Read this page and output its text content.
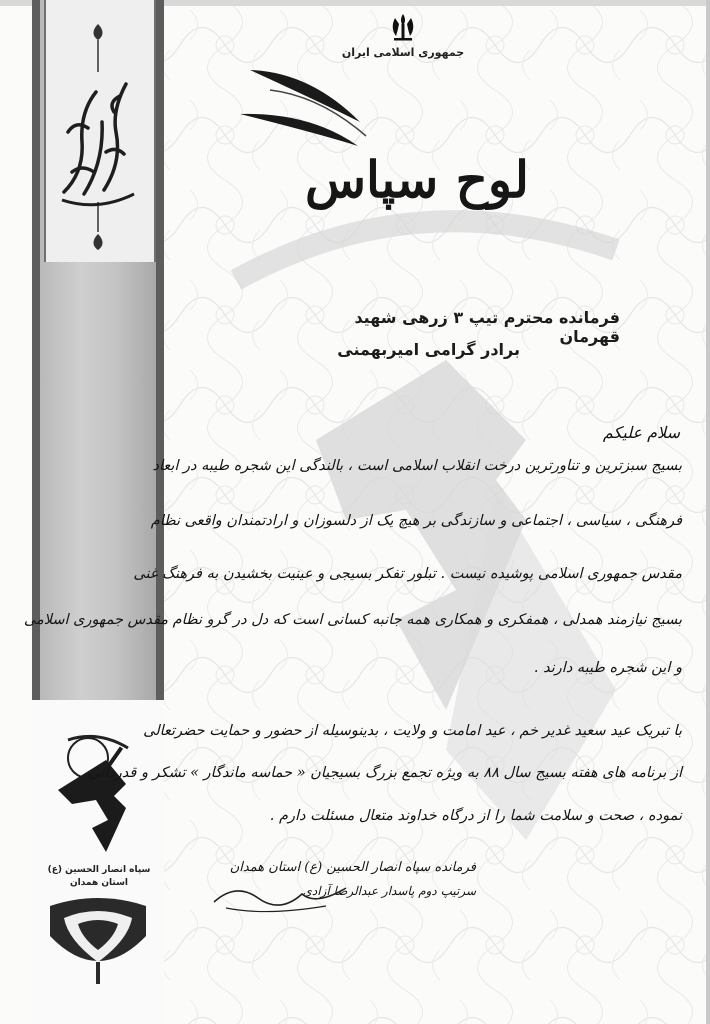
سپاه انصار الحسین (ع)
استان همدان
جمهوری اسلامی ایران
لوح سپاس
فرمانده محترم تیپ ۳ زرهی شهید قهرمان
برادر گرامی امیربهمنی
سلام علیکم
بسیج سبزترین و تناورترین درخت انقلاب اسلامی است ، بالندگی این شجره طیبه در ابعاد
فرهنگی ، سیاسی ، اجتماعی و سازندگی بر هیچ یک از دلسوزان و ارادتمندان واقعی نظام
مقدس جمهوری اسلامی پوشیده نیست . تبلور تفکر بسیجی و عینیت بخشیدن به فرهنگ غنی
بسیج نیازمند همدلی ، همفکری و همکاری همه جانبه کسانی است که دل در گرو نظام مقدس جمهوری اسلامی
و این شجره طیبه دارند .
با تبریک عید سعید غدیر خم ، عید امامت و ولایت ، بدینوسیله از حضور و حمایت حضرتعالی
از برنامه های هفته بسیج سال ۸۸ به ویژه تجمع بزرگ بسیجیان « حماسه ماندگار » تشکر و قدردانی
نموده ، صحت و سلامت شما را از درگاه خداوند متعال مسئلت دارم .
فرمانده سپاه انصار الحسین (ع) استان همدان
سرتیپ دوم پاسدار عبدالرضا آزادی
